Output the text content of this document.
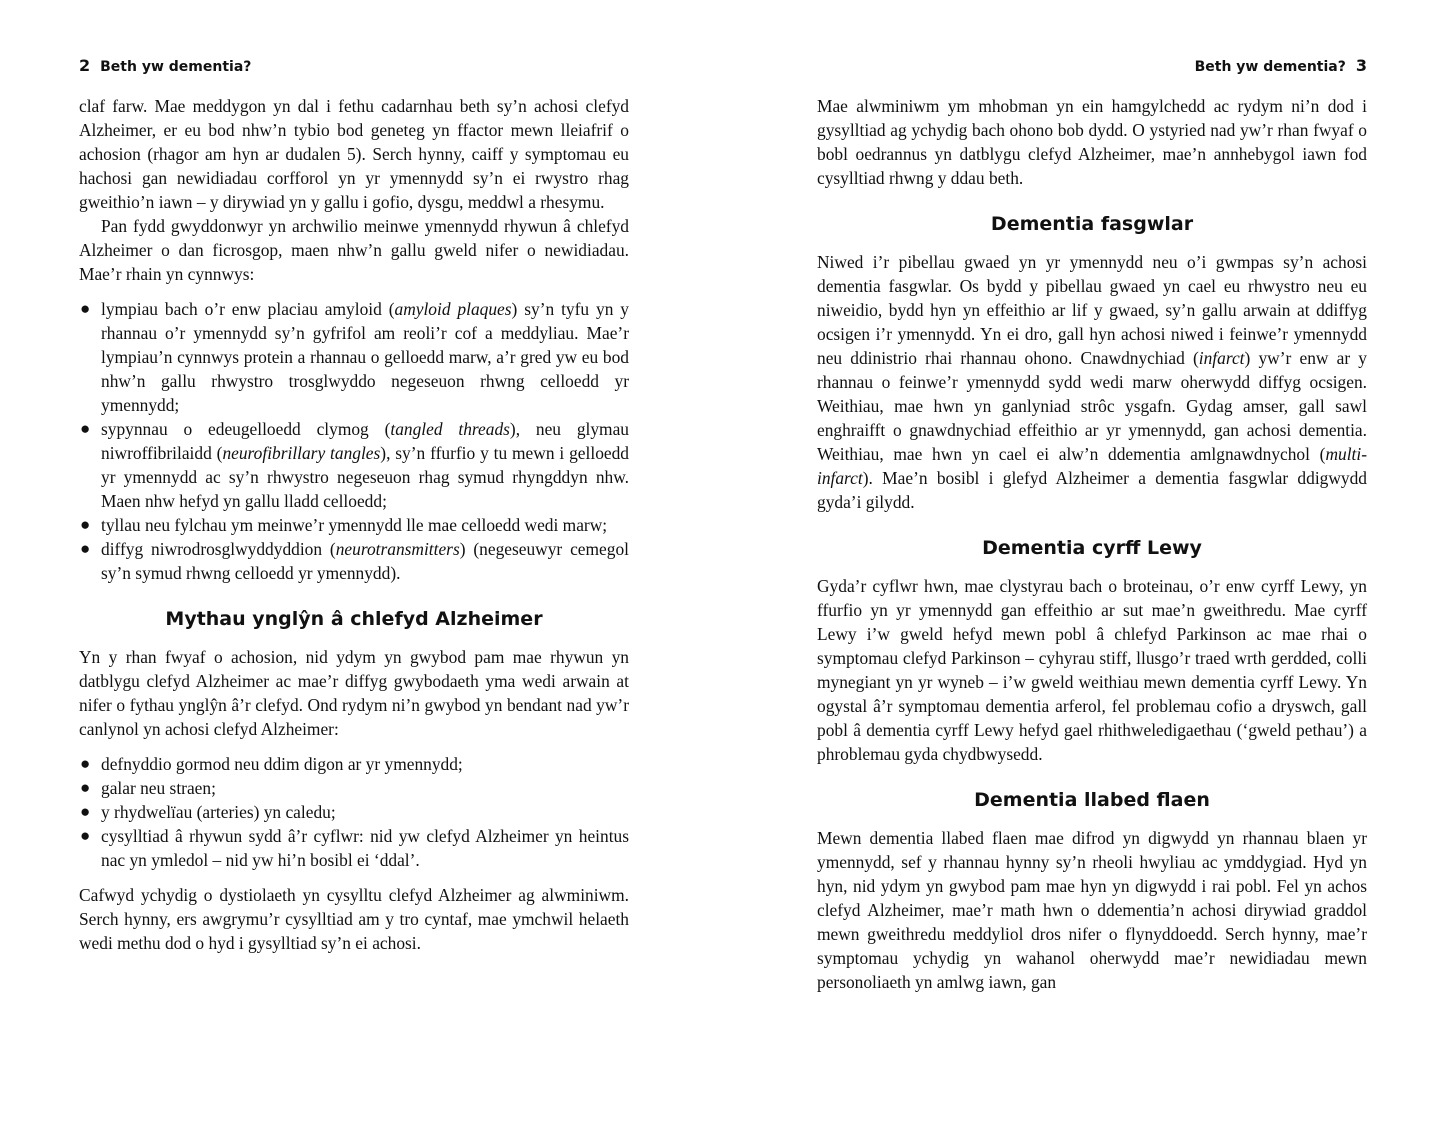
2 Beth yw dementia?

claf farw. Mae meddygon yn dal i fethu cadarnhau beth sy’n achosi clefyd Alzheimer, er eu bod nhw’n tybio bod geneteg yn ffactor mewn lleiafrif o achosion (rhagor am hyn ar dudalen 5). Serch hynny, caiff y symptomau eu hachosi gan newidiadau corfforol yn yr ymennydd sy’n ei rwystro rhag gweithio’n iawn – y dirywiad yn y gallu i gofio, dysgu, meddwl a rhesymu.

Pan fydd gwyddonwyr yn archwilio meinwe ymennydd rhywun â chlefyd Alzheimer o dan ficrosgop, maen nhw’n gallu gweld nifer o newidiadau. Mae’r rhain yn cynnwys:

● lympiau bach o’r enw placiau amyloid (amyloid plaques) sy’n tyfu yn y rhannau o’r ymennydd sy’n gyfrifol am reoli’r cof a meddyliau. Mae’r lympiau’n cynnwys protein a rhannau o gelloedd marw, a’r gred yw eu bod nhw’n gallu rhwystro trosglwyddo negeseuon rhwng celloedd yr ymennydd;
● sypynnau o edeugelloedd clymog (tangled threads), neu glymau niwroffibrilaidd (neurofibrillary tangles), sy’n ffurfio y tu mewn i gelloedd yr ymennydd ac sy’n rhwystro negeseuon rhag symud rhyngddyn nhw. Maen nhw hefyd yn gallu lladd celloedd;
● tyllau neu fylchau ym meinwe’r ymennydd lle mae celloedd wedi marw;
● diffyg niwrodrosglwyddyddion (neurotransmitters) (negeseuwyr cemegol sy’n symud rhwng celloedd yr ymennydd).
Mythau ynglŷn â chlefyd Alzheimer

Yn y rhan fwyaf o achosion, nid ydym yn gwybod pam mae rhywun yn datblygu clefyd Alzheimer ac mae’r diffyg gwybodaeth yma wedi arwain at nifer o fythau ynglŷn â’r clefyd. Ond rydym ni’n gwybod yn bendant nad yw’r canlynol yn achosi clefyd Alzheimer:

● defnyddio gormod neu ddim digon ar yr ymennydd;
● galar neu straen;
● y rhydwelïau (arteries) yn caledu;
● cysylltiad â rhywun sydd â’r cyflwr: nid yw clefyd Alzheimer yn heintus nac yn ymledol – nid yw hi’n bosibl ei ‘ddal’.

Cafwyd ychydig o dystiolaeth yn cysylltu clefyd Alzheimer ag alwminiwm. Serch hynny, ers awgrymu’r cysylltiad am y tro cyntaf, mae ymchwil helaeth wedi methu dod o hyd i gysylltiad sy’n ei achosi.

Beth yw dementia? 3

Mae alwminiwm ym mhobman yn ein hamgylchedd ac rydym ni’n dod i gysylltiad ag ychydig bach ohono bob dydd. O ystyried nad yw’r rhan fwyaf o bobl oedrannus yn datblygu clefyd Alzheimer, mae’n annhebygol iawn fod cysylltiad rhwng y ddau beth.

Dementia fasgwlar

Niwed i’r pibellau gwaed yn yr ymennydd neu o’i gwmpas sy’n achosi dementia fasgwlar. Os bydd y pibellau gwaed yn cael eu rhwystro neu eu niweidio, bydd hyn yn effeithio ar lif y gwaed, sy’n gallu arwain at ddiffyg ocsigen i’r ymennydd. Yn ei dro, gall hyn achosi niwed i feinwe’r ymennydd neu ddinistrio rhai rhannau ohono. Cnawdnychiad (infarct) yw’r enw ar y rhannau o feinwe’r ymennydd sydd wedi marw oherwydd diffyg ocsigen. Weithiau, mae hwn yn ganlyniad strôc ysgafn. Gydag amser, gall sawl enghraifft o gnawdnychiad effeithio ar yr ymennydd, gan achosi dementia. Weithiau, mae hwn yn cael ei alw’n ddementia amlgnawdnychol (multi-infarct). Mae’n bosibl i glefyd Alzheimer a dementia fasgwlar ddigwydd gyda’i gilydd.

Dementia cyrff Lewy

Gyda’r cyflwr hwn, mae clystyrau bach o broteinau, o’r enw cyrff Lewy, yn ffurfio yn yr ymennydd gan effeithio ar sut mae’n gweithredu. Mae cyrff Lewy i’w gweld hefyd mewn pobl â chlefyd Parkinson ac mae rhai o symptomau clefyd Parkinson – cyhyrau stiff, llusgo’r traed wrth gerdded, colli mynegiant yn yr wyneb – i’w gweld weithiau mewn dementia cyrff Lewy. Yn ogystal â’r symptomau dementia arferol, fel problemau cofio a dryswch, gall pobl â dementia cyrff Lewy hefyd gael rhithweledigaethau (‘gweld pethau’) a phroblemau gyda chydbwysedd.

Dementia llabed flaen

Mewn dementia llabed flaen mae difrod yn digwydd yn rhannau blaen yr ymennydd, sef y rhannau hynny sy’n rheoli hwyliau ac ymddygiad. Hyd yn hyn, nid ydym yn gwybod pam mae hyn yn digwydd i rai pobl. Fel yn achos clefyd Alzheimer, mae’r math hwn o ddementia’n achosi dirywiad graddol mewn gweithredu meddyliol dros nifer o flynyddoedd. Serch hynny, mae’r symptomau ychydig yn wahanol oherwydd mae’r newidiadau mewn personoliaeth yn amlwg iawn, gan
